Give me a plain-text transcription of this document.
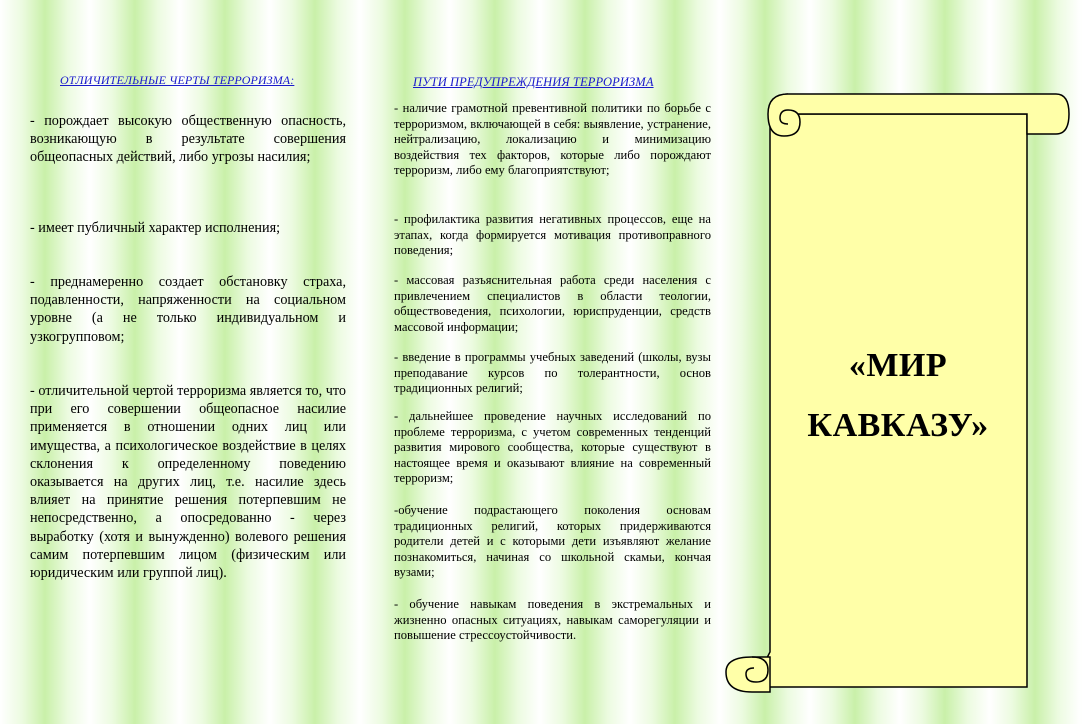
ОТЛИЧИТЕЛЬНЫЕ ЧЕРТЫ ТЕРРОРИЗМА:

- порождает высокую общественную опасность, возникающую в результате совершения общеопасных действий, либо угрозы насилия;

- имеет публичный характер исполнения;

- преднамеренно создает обстановку страха, подавленности, напряженности на социальном уровне (а не только индивидуальном и узкогрупповом;

- отличительной чертой терроризма является то, что при его совершении общеопасное насилие применяется в отношении одних лиц или имущества, а психологическое воздействие в целях склонения к определенному поведению оказывается на других лиц, т.е. насилие здесь влияет на принятие решения потерпевшим не непосредственно, а опосредованно - через выработку (хотя и вынужденно) волевого решения самим потерпевшим лицом (физическим или юридическим или группой лиц).

ПУТИ ПРЕДУПРЕЖДЕНИЯ ТЕРРОРИЗМА

- наличие грамотной превентивной политики по борьбе с терроризмом, включающей в себя: выявление, устранение, нейтрализацию, локализацию и минимизацию воздействия тех факторов, которые либо порождают терроризм, либо ему благоприятствуют;

- профилактика развития негативных процессов, еще на этапах, когда формируется мотивация противоправного поведения;

- массовая разъяснительная работа среди населения с привлечением специалистов в области теологии, обществоведения, психологии, юриспруденции, средств массовой информации;

- введение в программы учебных заведений (школы, вузы преподавание курсов по толерантности, основ традиционных религий;

- дальнейшее проведение научных исследований по проблеме терроризма, с учетом современных тенденций развития мирового сообщества, которые существуют в настоящее время и оказывают влияние на современный терроризм;

-обучение подрастающего поколения основам традиционных религий, которых придерживаются родители детей и с которыми дети изъявляют желание познакомиться, начиная со школьной скамьи, кончая вузами;

- обучение навыкам поведения в экстремальных и жизненно опасных ситуациях, навыкам саморегуляции и повышение стрессоустойчивости.

«МИР
КАВКАЗУ»
